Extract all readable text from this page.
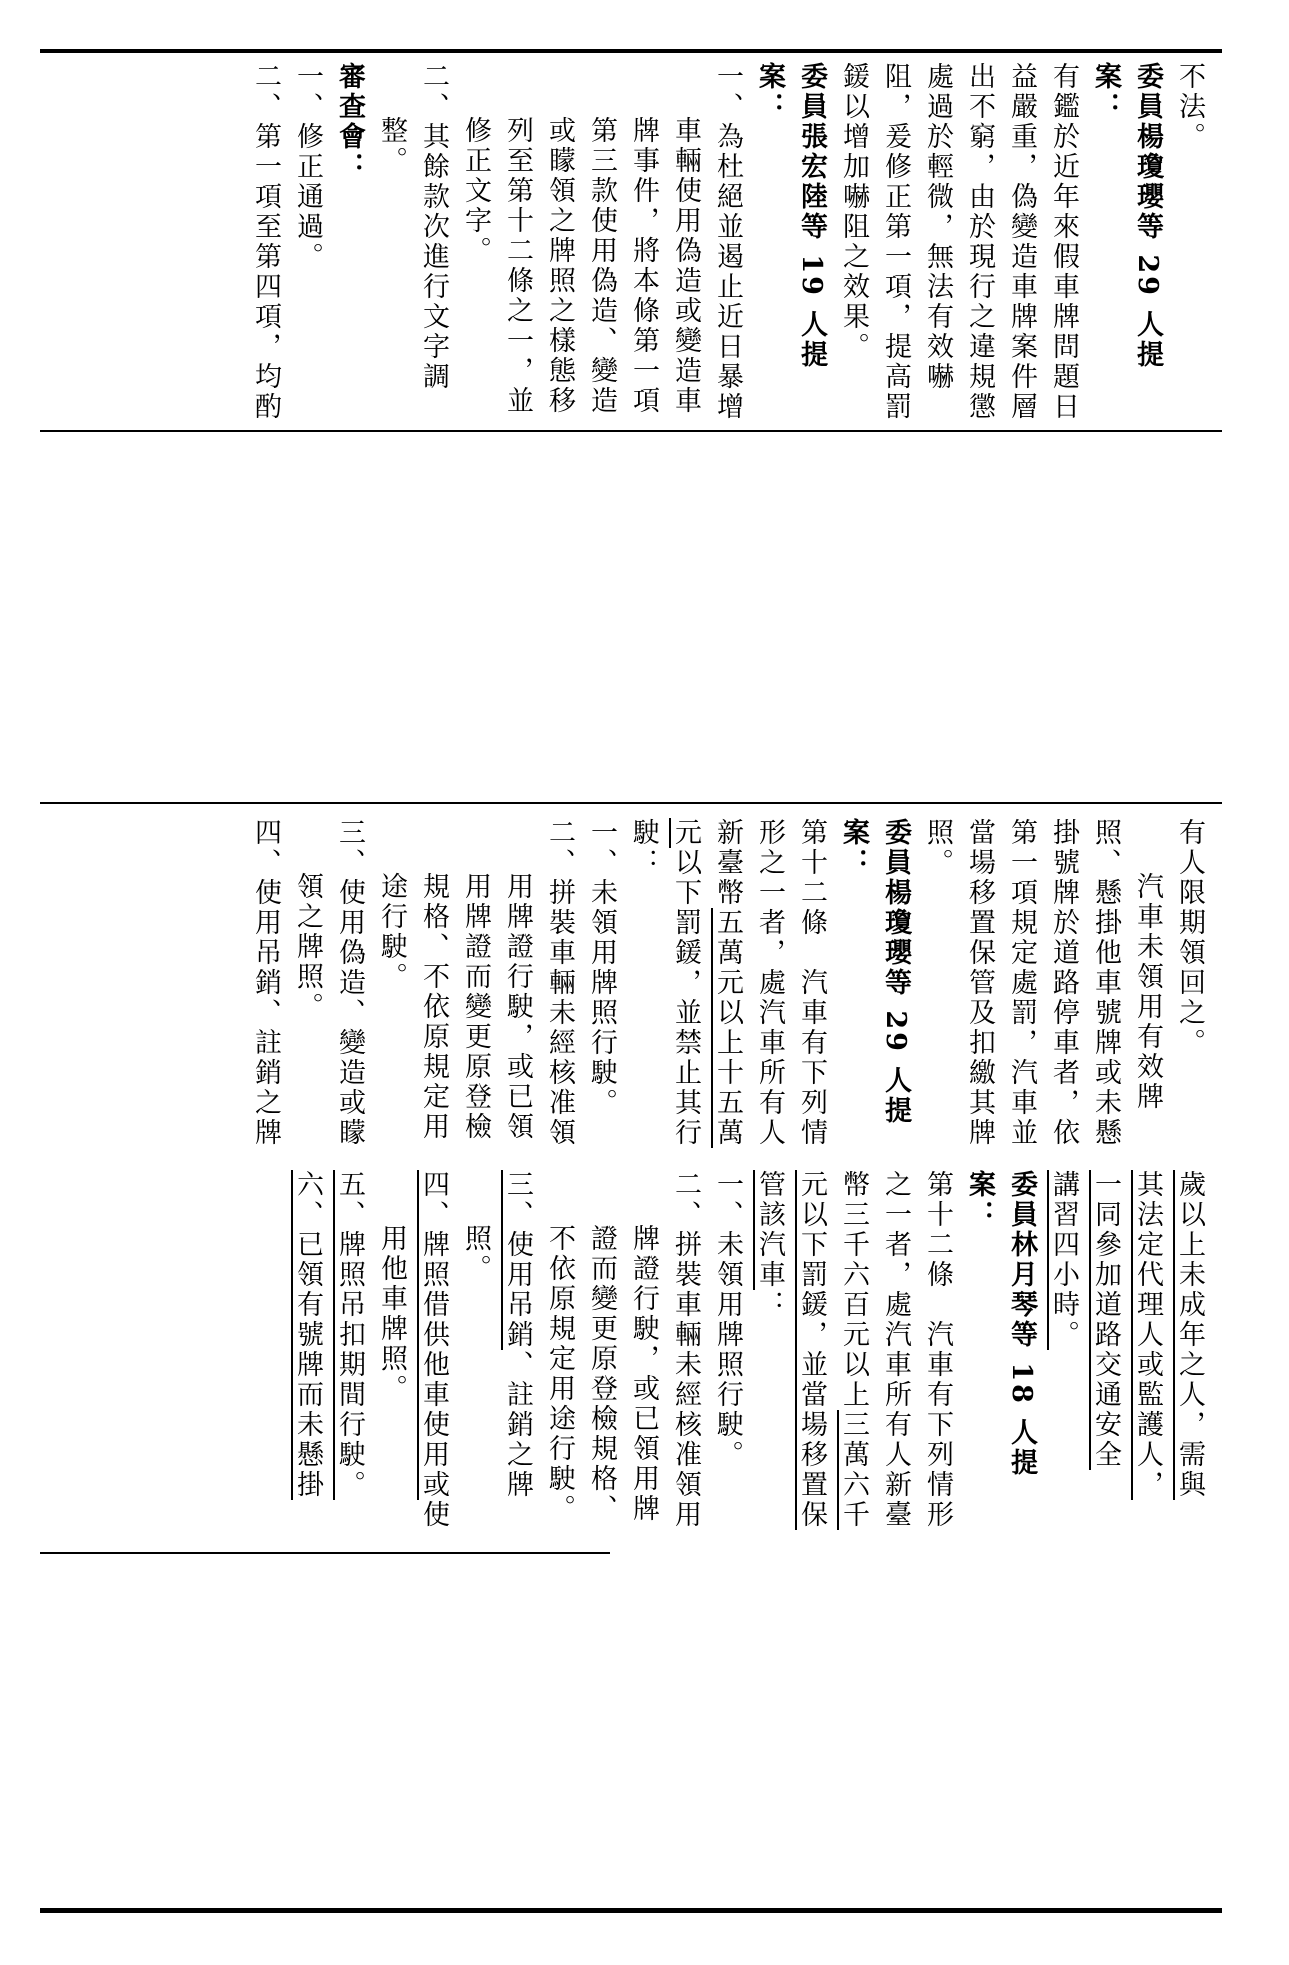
歲以上未成年之人，需與

其法定代理人或監護人，

一同參加道路交通安全

講習四小時。

委員林月琴等 18 人提案：

第十二條　汽車有下列情形之一者，處汽車所有人新臺幣三千六百元以上三萬六千元以下罰鍰，並當場移置保管該汽車：

一、未領用牌照行駛。

二、拼裝車輛未經核准領用牌證行駛，或已領用牌證而變更原登檢規格、不依原規定用途行駛。

三、使用吊銷、註銷之牌照。

四、牌照借供他車使用或使用他車牌照。

五、牌照吊扣期間行駛。

六、已領有號牌而未懸掛

有人限期領回之。

汽車未領用有效牌照、懸掛他車號牌或未懸掛號牌於道路停車者，依第一項規定處罰，汽車並當場移置保管及扣繳其牌照。

委員楊瓊瓔等 29 人提案：

第十二條　汽車有下列情形之一者，處汽車所有人新臺幣五萬元以上十五萬元以下罰鍰，並禁止其行駛：

一、未領用牌照行駛。

二、拼裝車輛未經核准領用牌證行駛，或已領用牌證而變更原登檢規格、不依原規定用途行駛。

三、使用偽造、變造或矇領之牌照。

四、使用吊銷、註銷之牌

不法。

委員楊瓊瓔等 29 人提案：

有鑑於近年來假車牌問題日益嚴重，偽變造車牌案件層出不窮，由於現行之違規懲處過於輕微，無法有效嚇阻，爰修正第一項，提高罰鍰以增加嚇阻之效果。

委員張宏陸等 19 人提案：

一、為杜絕並遏止近日暴增車輛使用偽造或變造車牌事件，將本條第一項第三款使用偽造、變造或矇領之牌照之樣態移列至第十二條之一，並修正文字。

二、其餘款次進行文字調整。

審查會：

一、修正通過。

二、第一項至第四項，均酌
